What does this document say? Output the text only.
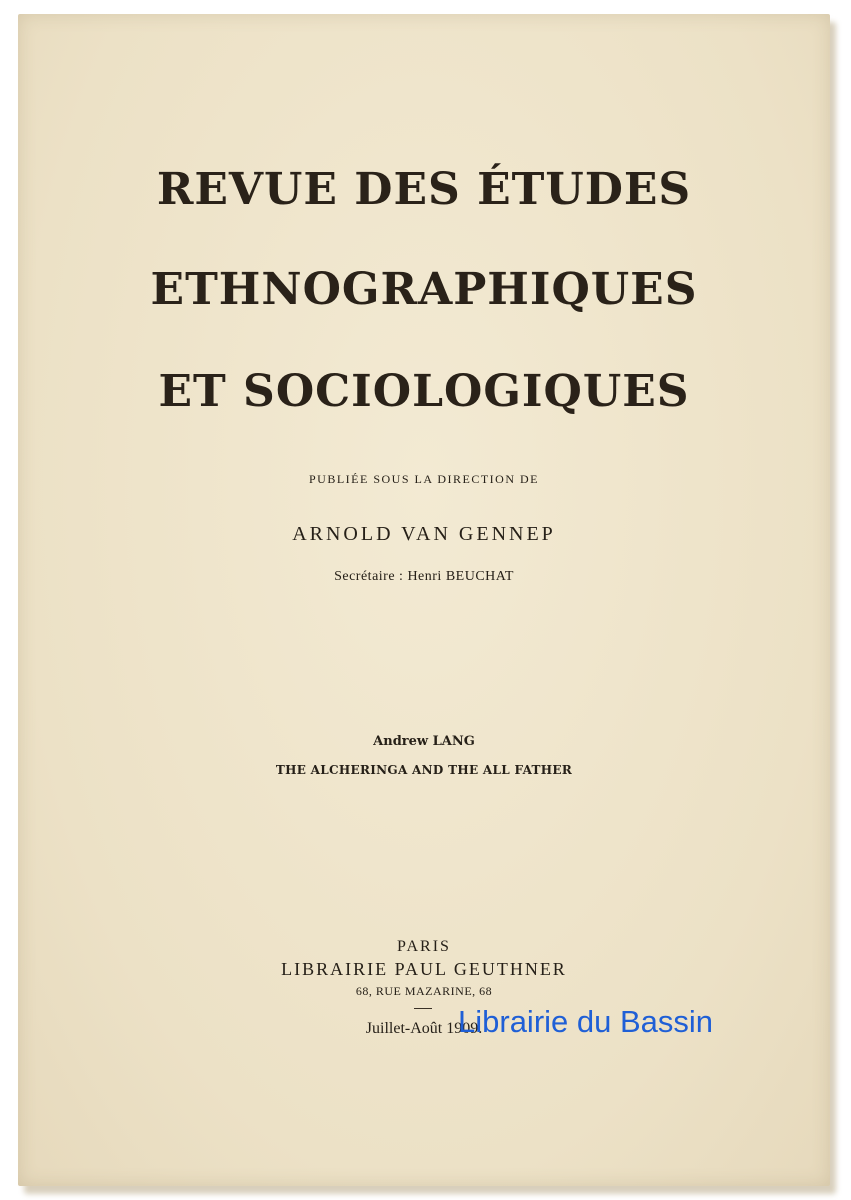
REVUE DES ÉTUDES
ETHNOGRAPHIQUES
ET SOCIOLOGIQUES
PUBLIÉE SOUS LA DIRECTION DE
ARNOLD VAN GENNEP
Secrétaire : Henri BEUCHAT
Andrew LANG
THE ALCHERINGA AND THE ALL FATHER
PARIS
LIBRAIRIE PAUL GEUTHNER
68, RUE MAZARINE, 68
Juillet-Août 1909.
Librairie du Bassin
